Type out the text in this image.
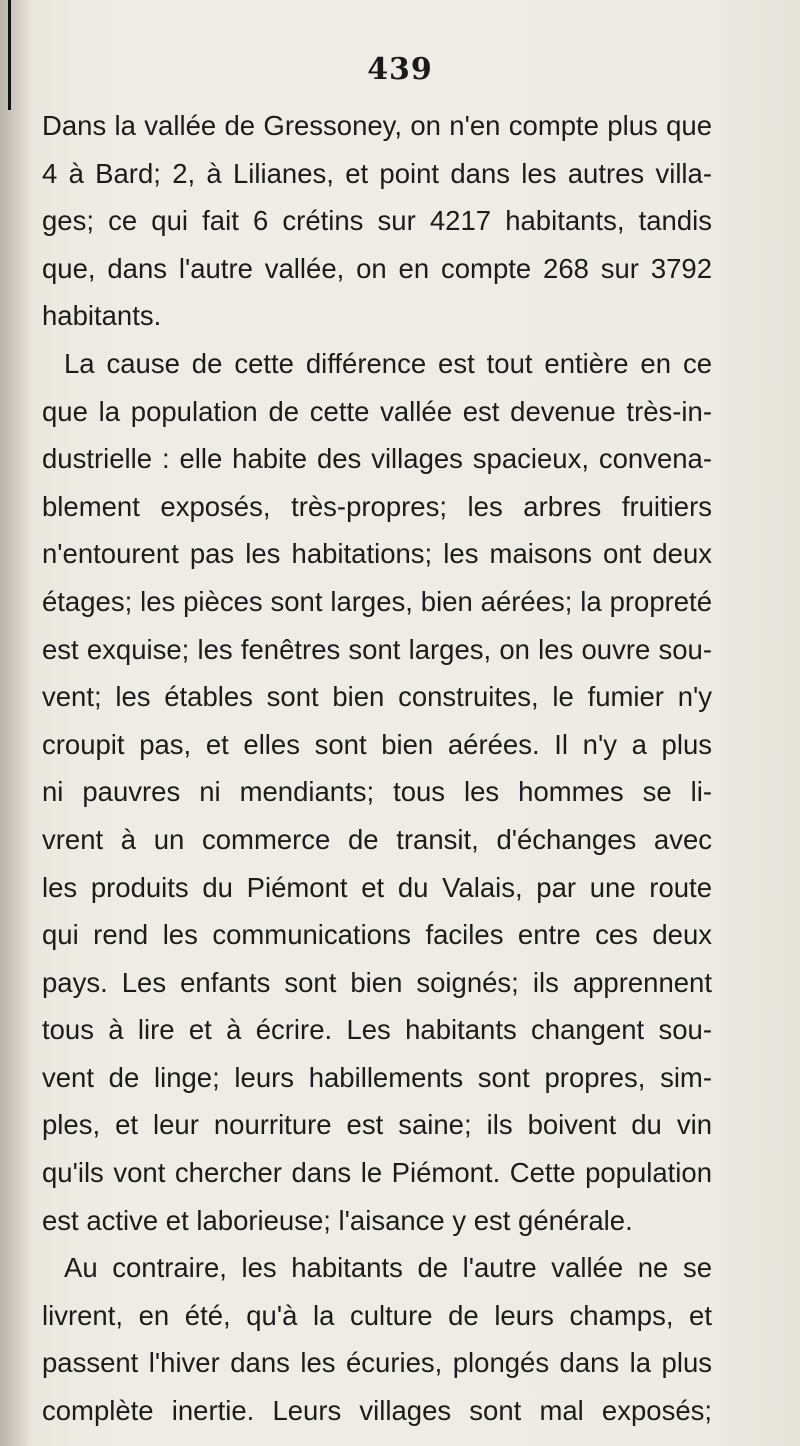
439
Dans la vallée de Gressoney, on n'en compte plus que
4 à Bard; 2, à Lilianes, et point dans les autres villa-
ges; ce qui fait 6 crétins sur 4217 habitants, tandis
que, dans l'autre vallée, on en compte 268 sur 3792
habitants.
La cause de cette différence est tout entière en ce
que la population de cette vallée est devenue très-in-
dustrielle : elle habite des villages spacieux, convena-
blement exposés, très-propres; les arbres fruitiers
n'entourent pas les habitations; les maisons ont deux
étages; les pièces sont larges, bien aérées; la propreté
est exquise; les fenêtres sont larges, on les ouvre sou-
vent; les étables sont bien construites, le fumier n'y
croupit pas, et elles sont bien aérées. Il n'y a plus
ni pauvres ni mendiants; tous les hommes se li-
vrent à un commerce de transit, d'échanges avec
les produits du Piémont et du Valais, par une route
qui rend les communications faciles entre ces deux
pays. Les enfants sont bien soignés; ils apprennent
tous à lire et à écrire. Les habitants changent sou-
vent de linge; leurs habillements sont propres, sim-
ples, et leur nourriture est saine; ils boivent du vin
qu'ils vont chercher dans le Piémont. Cette population
est active et laborieuse; l'aisance y est générale.
Au contraire, les habitants de l'autre vallée ne se
livrent, en été, qu'à la culture de leurs champs, et
passent l'hiver dans les écuries, plongés dans la plus
complète inertie. Leurs villages sont mal exposés;
